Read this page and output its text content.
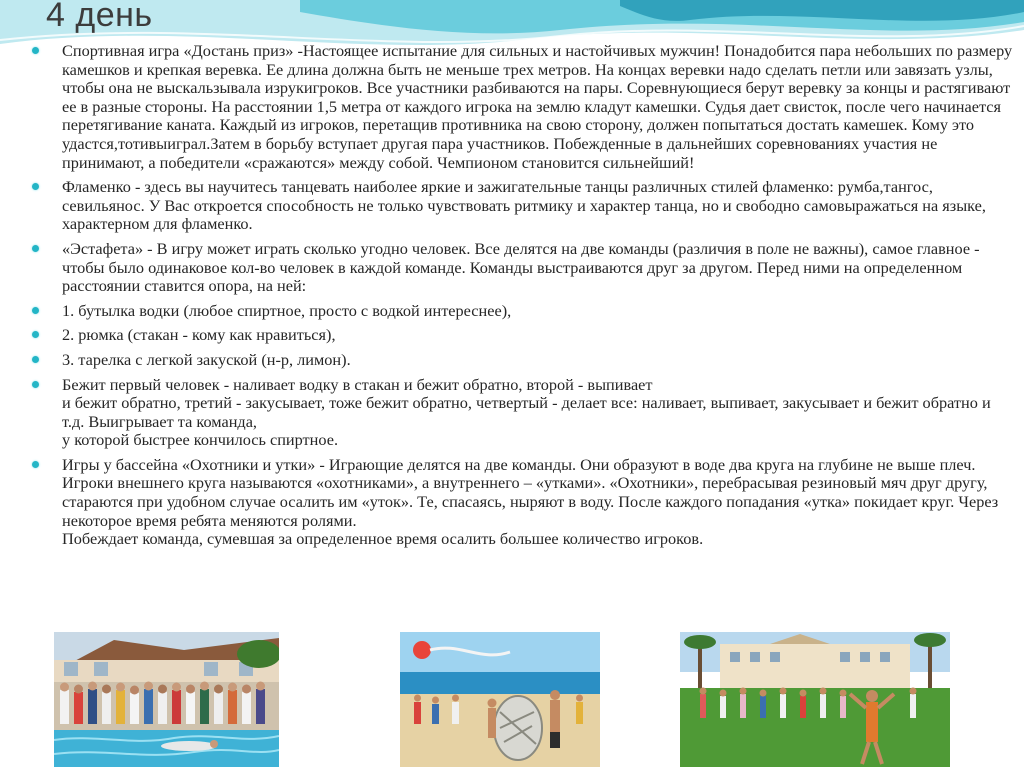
4 день
Спортивная игра «Достань приз» -Настоящее испытание для сильных и настойчивых мужчин! Понадобится пара небольших по размеру камешков и крепкая веревка. Ее длина должна быть не меньше трех метров. На концах веревки надо сделать петли или завязать узлы, чтобы она не выскальзывала изрукигроков. Все участники разбиваются на пары. Соревнующиеся берут веревку за концы и растягивают ее в разные стороны. На расстоянии 1,5 метра от каждого игрока на землю кладут камешки. Судья дает свисток, после чего начинается перетягивание каната. Каждый из игроков, перетащив противника на свою сторону, должен попытаться достать камешек. Кому это удастся,тотивыиграл.Затем в борьбу вступает другая пара участников. Побежденные в дальнейших соревнованиях участия не принимают, а победители «сражаются» между собой. Чемпионом становится сильнейший!
Фламенко - здесь вы научитесь танцевать наиболее яркие и зажигательные танцы различных стилей фламенко: румба,тангос, севильянос. У Вас откроется способность не только чувствовать ритмику и характер танца, но и свободно самовыражаться на языке, характерном для фламенко.
«Эстафета» - В игру может играть сколько угодно человек. Все делятся на две команды (различия в поле не важны), самое главное - чтобы было одинаковое кол-во человек в каждой команде. Команды выстраиваются друг за другом. Перед ними на определенном расстоянии ставится опора, на ней:
1. бутылка водки (любое спиртное, просто с водкой интереснее),
2. рюмка (стакан - кому как нравиться),
3. тарелка с легкой закуской (н-р, лимон).
Бежит первый человек - наливает водку в стакан и бежит обратно, второй - выпивает
и бежит обратно, третий - закусывает, тоже бежит обратно, четвертый - делает все: наливает, выпивает, закусывает и бежит обратно и т.д. Выигрывает та команда,
у которой быстрее кончилось спиртное.
Игры у бассейна «Охотники и утки» - Играющие делятся на две команды. Они образуют в воде два круга на глубине не выше плеч. Игроки внешнего круга называются «охотниками», а внутреннего – «утками». «Охотники», перебрасывая резиновый мяч друг другу, стараются при удобном случае осалить им «уток». Те, спасаясь, ныряют в воду. После каждого попадания «утка» покидает круг. Через некоторое время ребята меняются ролями.
Побеждает команда, сумевшая за определенное время осалить большее количество игроков.
